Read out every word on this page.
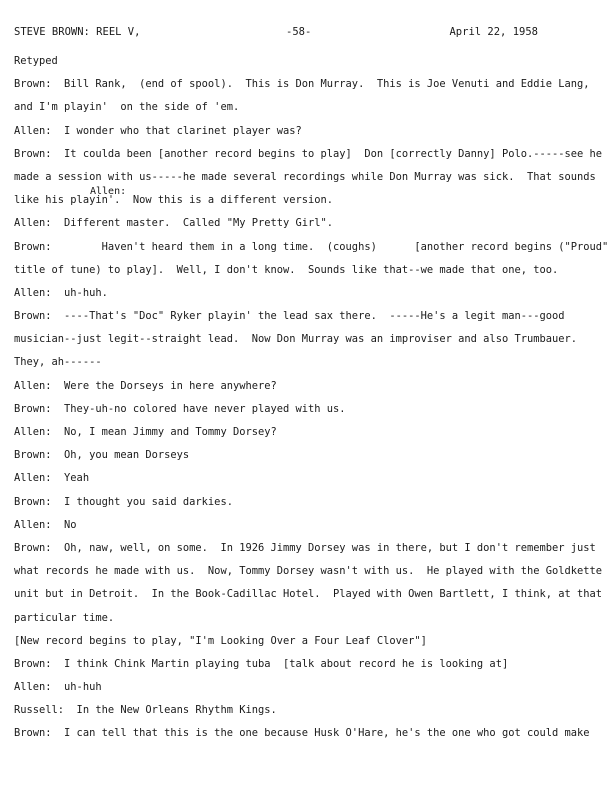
STEVE BROWN: REEL V,	-58-	April 22, 1958
Retyped
Brown:  Bill Rank,  (end of spool).  This is Don Murray.  This is Joe Venuti and Eddie Lang,
and I'm playin'  on the side of 'em.
Allen:  I wonder who that clarinet player was?
Brown:  It coulda been [another record begins to play]  Don [correctly Danny] Polo.-----see he
made a session with us-----he made several recordings while Don Murray was sick.  That sounds
like his playin'.  Now this is a different version.
Allen:  Different master.  Called "My Pretty Girl".
Brown:        Haven't heard them in a long time.  (coughs)      [another record begins ("Proud"
title of tune) to play].  Well, I don't know.  Sounds like that--we made that one, too.
Allen:  uh-huh.
Brown:  ----That's "Doc" Ryker playin' the lead sax there.  -----He's a legit man---good
musician--just legit--straight lead.  Now Don Murray was an improviser and also Trumbauer.
They, ah------
Allen:  Were the Dorseys in here anywhere?
Brown:  They-uh-no colored have never played with us.
Allen:  No, I mean Jimmy and Tommy Dorsey?
Brown:  Oh, you mean Dorseys
Allen:  Yeah
Brown:  I thought you said darkies.
Allen:  No
Brown:  Oh, naw, well, on some.  In 1926 Jimmy Dorsey was in there, but I don't remember just
what records he made with us.  Now, Tommy Dorsey wasn't with us.  He played with the Goldkette
unit but in Detroit.  In the Book-Cadillac Hotel.  Played with Owen Bartlett, I think, at that
particular time.
[New record begins to play, "I'm Looking Over a Four Leaf Clover"]
Brown:  I think Chink Martin playing tuba  [talk about record he is looking at]
Allen:  uh-huh
Russell:  In the New Orleans Rhythm Kings.
Brown:  I can tell that this is the one because Husk O'Hare, he's the one who got could make
Allen:
